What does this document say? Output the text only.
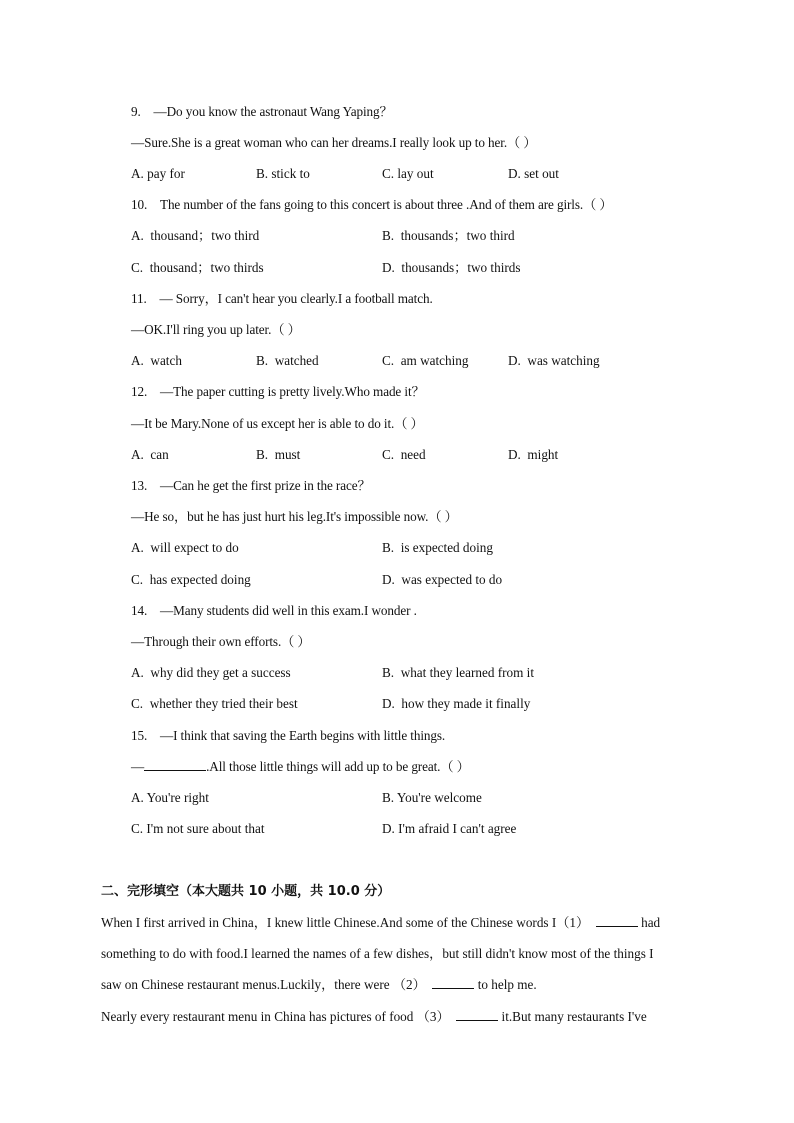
9. —Do you know the astronaut Wang Yaping？
—Sure.She is a great woman who can her dreams.I really look up to her.（ ）
A. pay for	B. stick to	C. lay out	D. set out
10. The number of the fans going to this concert is about three .And of them are girls.（ ）
A. thousand；two third	B. thousands；two third
C. thousand；two thirds	D. thousands；two thirds
11. — Sorry，I can't hear you clearly.I a football match.
—OK.I'll ring you up later.（ ）
A. watch	B. watched	C. am watching	D. was watching
12. —The paper cutting is pretty lively.Who made it？
—It be Mary.None of us except her is able to do it.（ ）
A. can	B. must	C. need	D. might
13. —Can he get the first prize in the race？
—He so，but he has just hurt his leg.It's impossible now.（ ）
A. will expect to do	B. is expected doing
C. has expected doing	D. was expected to do
14. —Many students did well in this exam.I wonder .
—Through their own efforts.（ ）
A. why did they get a success	B. what they learned from it
C. whether they tried their best	D. how they made it finally
15. —I think that saving the Earth begins with little things.
—	.All those little things will add up to be great.（ ）
A. You're right	B. You're welcome
C. I'm not sure about that	D. I'm afraid I can't agree
二、完形填空（本大题共 10 小题，共 10.0 分）
When I first arrived in China，I knew little Chinese.And some of the Chinese words I（1）	had
something to do with food.I learned the names of a few dishes，but still didn't know most of the things I
saw on Chinese restaurant menus.Luckily，there were （2）	to help me.
Nearly every restaurant menu in China has pictures of food （3）	it.But many restaurants I've
